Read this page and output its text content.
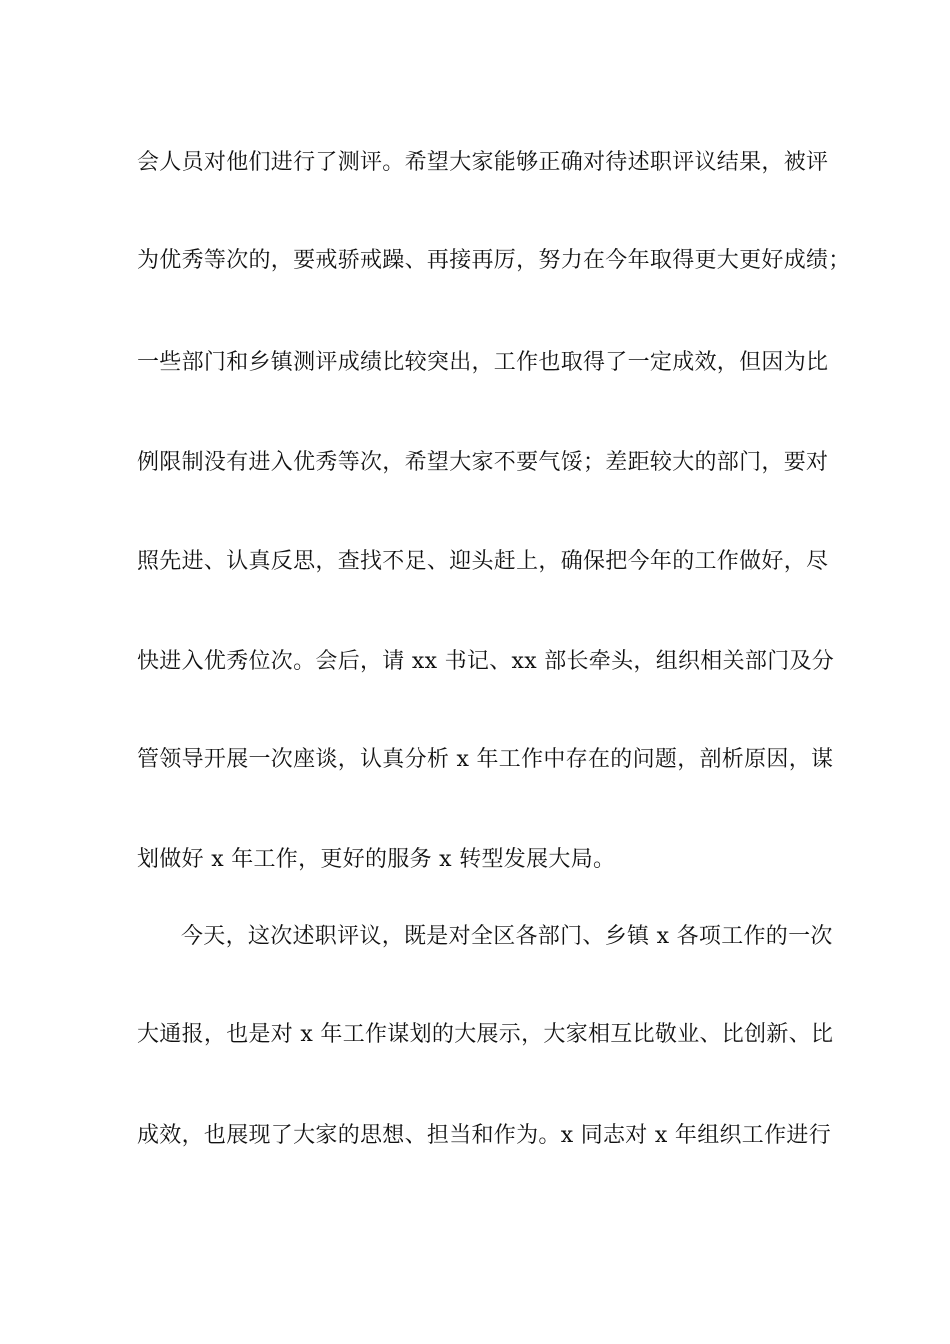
会人员对他们进行了测评。希望大家能够正确对待述职评议结果，被评
为优秀等次的，要戒骄戒躁、再接再厉，努力在今年取得更大更好成绩；
一些部门和乡镇测评成绩比较突出，工作也取得了一定成效，但因为比
例限制没有进入优秀等次，希望大家不要气馁；差距较大的部门，要对
照先进、认真反思，查找不足、迎头赶上，确保把今年的工作做好，尽
快进入优秀位次。会后，请 xx 书记、xx 部长牵头，组织相关部门及分
管领导开展一次座谈，认真分析 x 年工作中存在的问题，剖析原因，谋
划做好 x 年工作，更好的服务 x 转型发展大局。
今天，这次述职评议，既是对全区各部门、乡镇 x 各项工作的一次
大通报，也是对 x 年工作谋划的大展示，大家相互比敬业、比创新、比
成效，也展现了大家的思想、担当和作为。x 同志对 x 年组织工作进行
